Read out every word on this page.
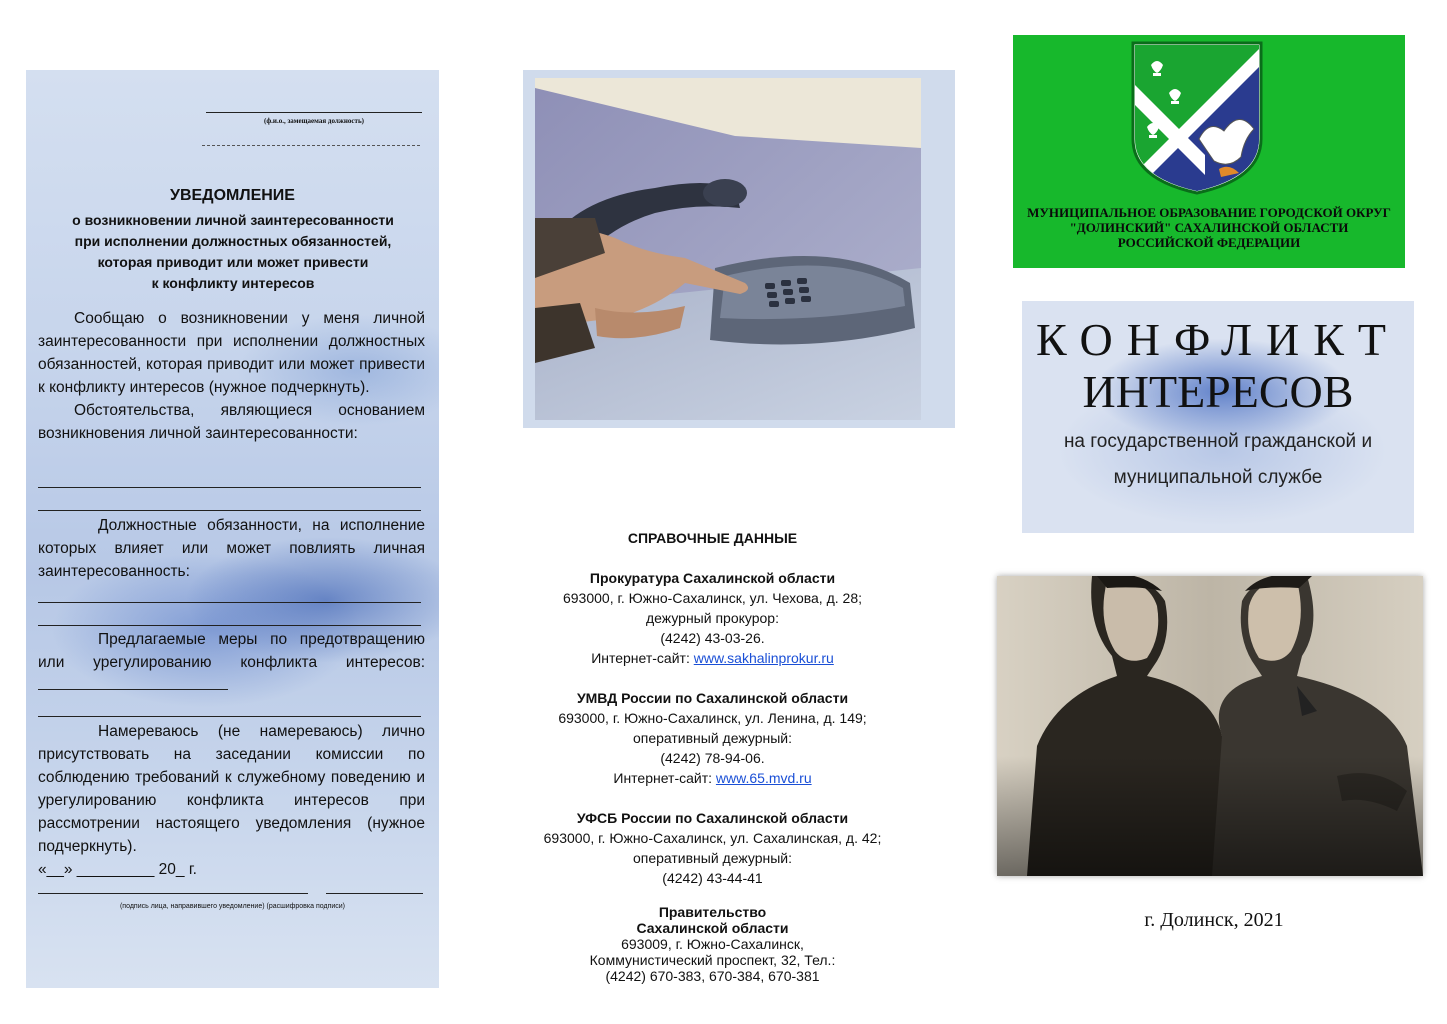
(ф.и.о., замещаемая должность)
УВЕДОМЛЕНИЕ
о возникновении личной заинтересованности
при исполнении должностных обязанностей,
которая приводит или может привести
к конфликту интересов

Сообщаю о возникновении у меня личной заинтересованности при исполнении должностных обязанностей, которая приводит или может привести к конфликту интересов (нужное подчеркнуть).

Обстоятельства, являющиеся основанием возникновения личной заинтересованности:

Должностные обязанности, на исполнение которых влияет или может повлиять личная заинтересованность:

Предлагаемые меры по предотвращению или урегулированию конфликта интересов:

Намереваюсь (не намереваюсь) лично присутствовать на заседании комиссии по соблюдению требований к служебному поведению и урегулированию конфликта интересов при рассмотрении настоящего уведомления (нужное подчеркнуть).

«__» _________ 20_ г.

(подпись лица, направившего уведомление) (расшифровка подписи)
СПРАВОЧНЫЕ ДАННЫЕ
Прокуратура Сахалинской области
693000, г. Южно-Сахалинск, ул. Чехова, д. 28;
дежурный прокурор:
(4242) 43-03-26.
Интернет-сайт: www.sakhalinprokur.ru
УМВД России по Сахалинской области
693000, г. Южно-Сахалинск, ул. Ленина, д. 149;
оперативный дежурный:
(4242) 78-94-06.
Интернет-сайт: www.65.mvd.ru
УФСБ России по Сахалинской области
693000, г. Южно-Сахалинск, ул. Сахалинская, д. 42;
оперативный дежурный:
(4242) 43-44-41
Правительство
Сахалинской области
693009, г. Южно-Сахалинск,
Коммунистический проспект, 32, Тел.:
(4242) 670-383, 670-384, 670-381
МУНИЦИПАЛЬНОЕ ОБРАЗОВАНИЕ ГОРОДСКОЙ ОКРУГ
"ДОЛИНСКИЙ" САХАЛИНСКОЙ ОБЛАСТИ
РОССИЙСКОЙ ФЕДЕРАЦИИ
КОНФЛИКТ
ИНТЕРЕСОВ
на государственной гражданской и
муниципальной службе
г. Долинск, 2021
